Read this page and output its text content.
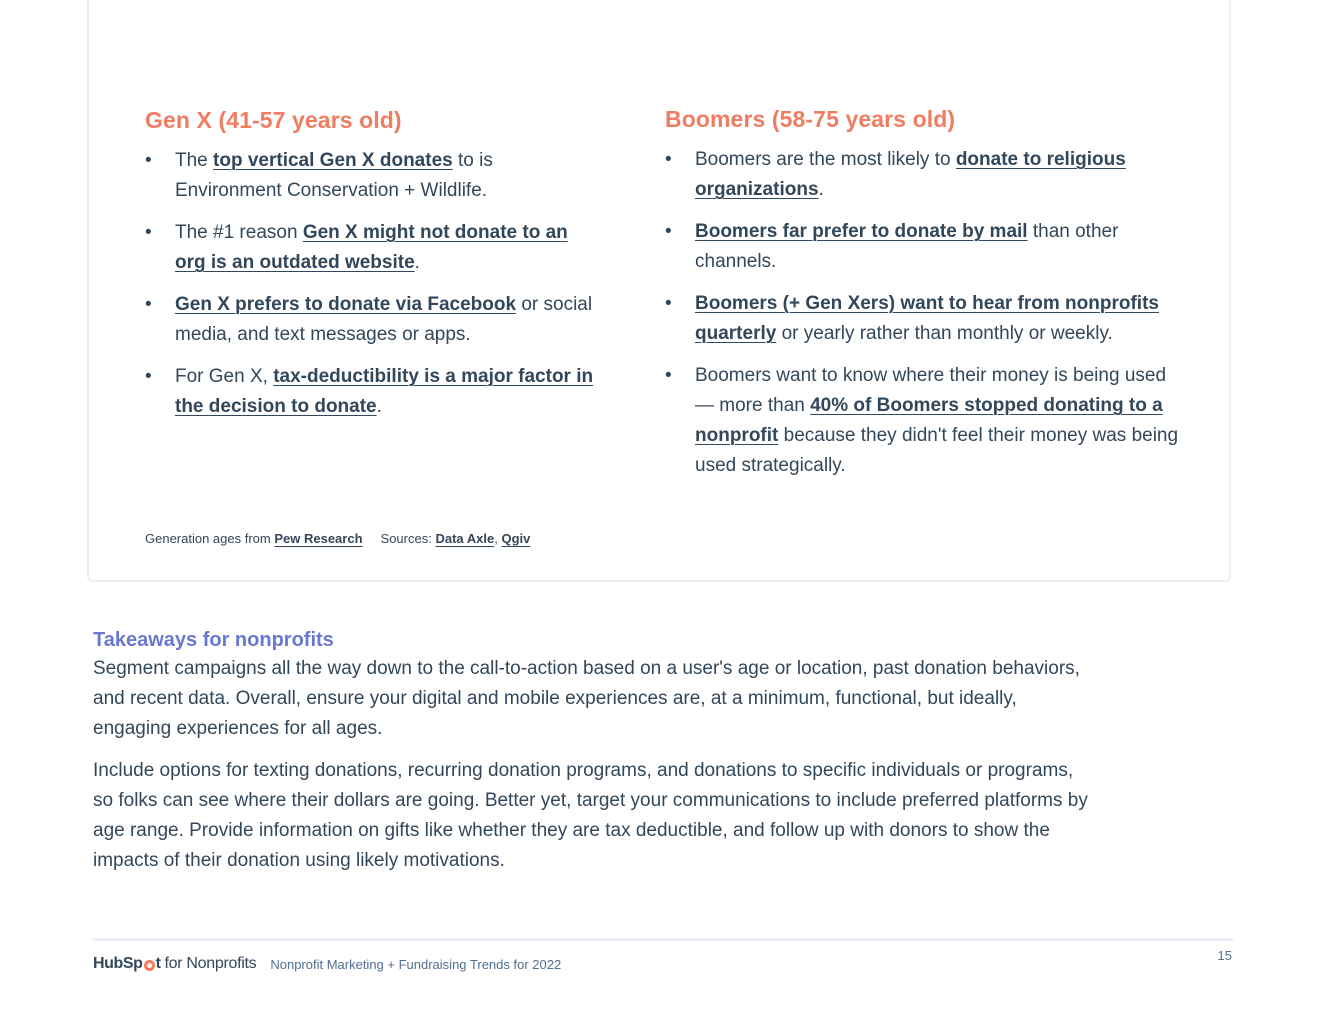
Gen X (41-57 years old)
• The top vertical Gen X donates to is Environment Conservation + Wildlife.
• The #1 reason Gen X might not donate to an org is an outdated website.
• Gen X prefers to donate via Facebook or social media, and text messages or apps.
• For Gen X, tax-deductibility is a major factor in the decision to donate.
Boomers (58-75 years old)
• Boomers are the most likely to donate to religious organizations.
• Boomers far prefer to donate by mail than other channels.
• Boomers (+ Gen Xers) want to hear from nonprofits quarterly or yearly rather than monthly or weekly.
• Boomers want to know where their money is being used — more than 40% of Boomers stopped donating to a nonprofit because they didn't feel their money was being used strategically.
Generation ages from Pew Research Sources: Data Axle, Qgiv
Takeaways for nonprofits

Segment campaigns all the way down to the call-to-action based on a user's age or location, past donation behaviors, and recent data. Overall, ensure your digital and mobile experiences are, at a minimum, functional, but ideally, engaging experiences for all ages.

Include options for texting donations, recurring donation programs, and donations to specific individuals or programs, so folks can see where their dollars are going. Better yet, target your communications to include preferred platforms by age range. Provide information on gifts like whether they are tax deductible, and follow up with donors to show the impacts of their donation using likely motivations.

HubSp t for Nonprofits Nonprofit Marketing + Fundraising Trends for 2022
15
